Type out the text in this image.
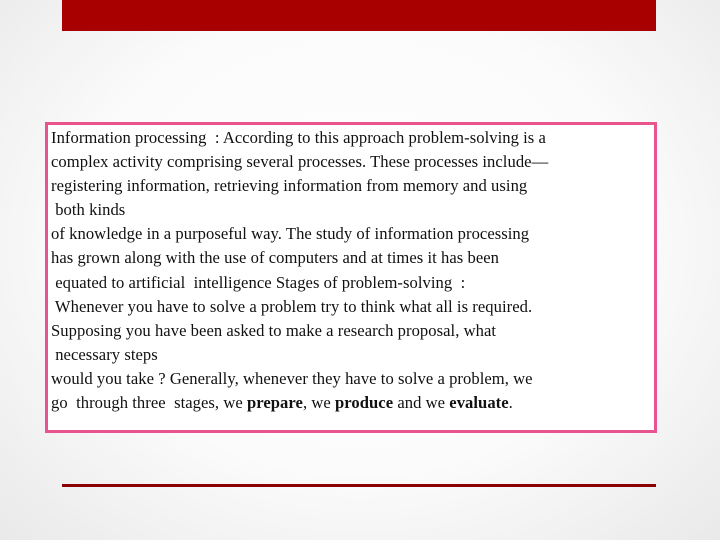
Information processing  : According to this approach problem-solving is a
complex activity comprising several processes. These processes include—
registering information, retrieving information from memory and using
both kinds
of knowledge in a purposeful way. The study of information processing
has grown along with the use of computers and at times it has been
equated to artificial  intelligence Stages of problem-solving  :
Whenever you have to solve a problem try to think what all is required.
Supposing you have been asked to make a research proposal, what
necessary steps
would you take ? Generally, whenever they have to solve a problem, we
go  through three  stages, we prepare, we produce and we evaluate.
